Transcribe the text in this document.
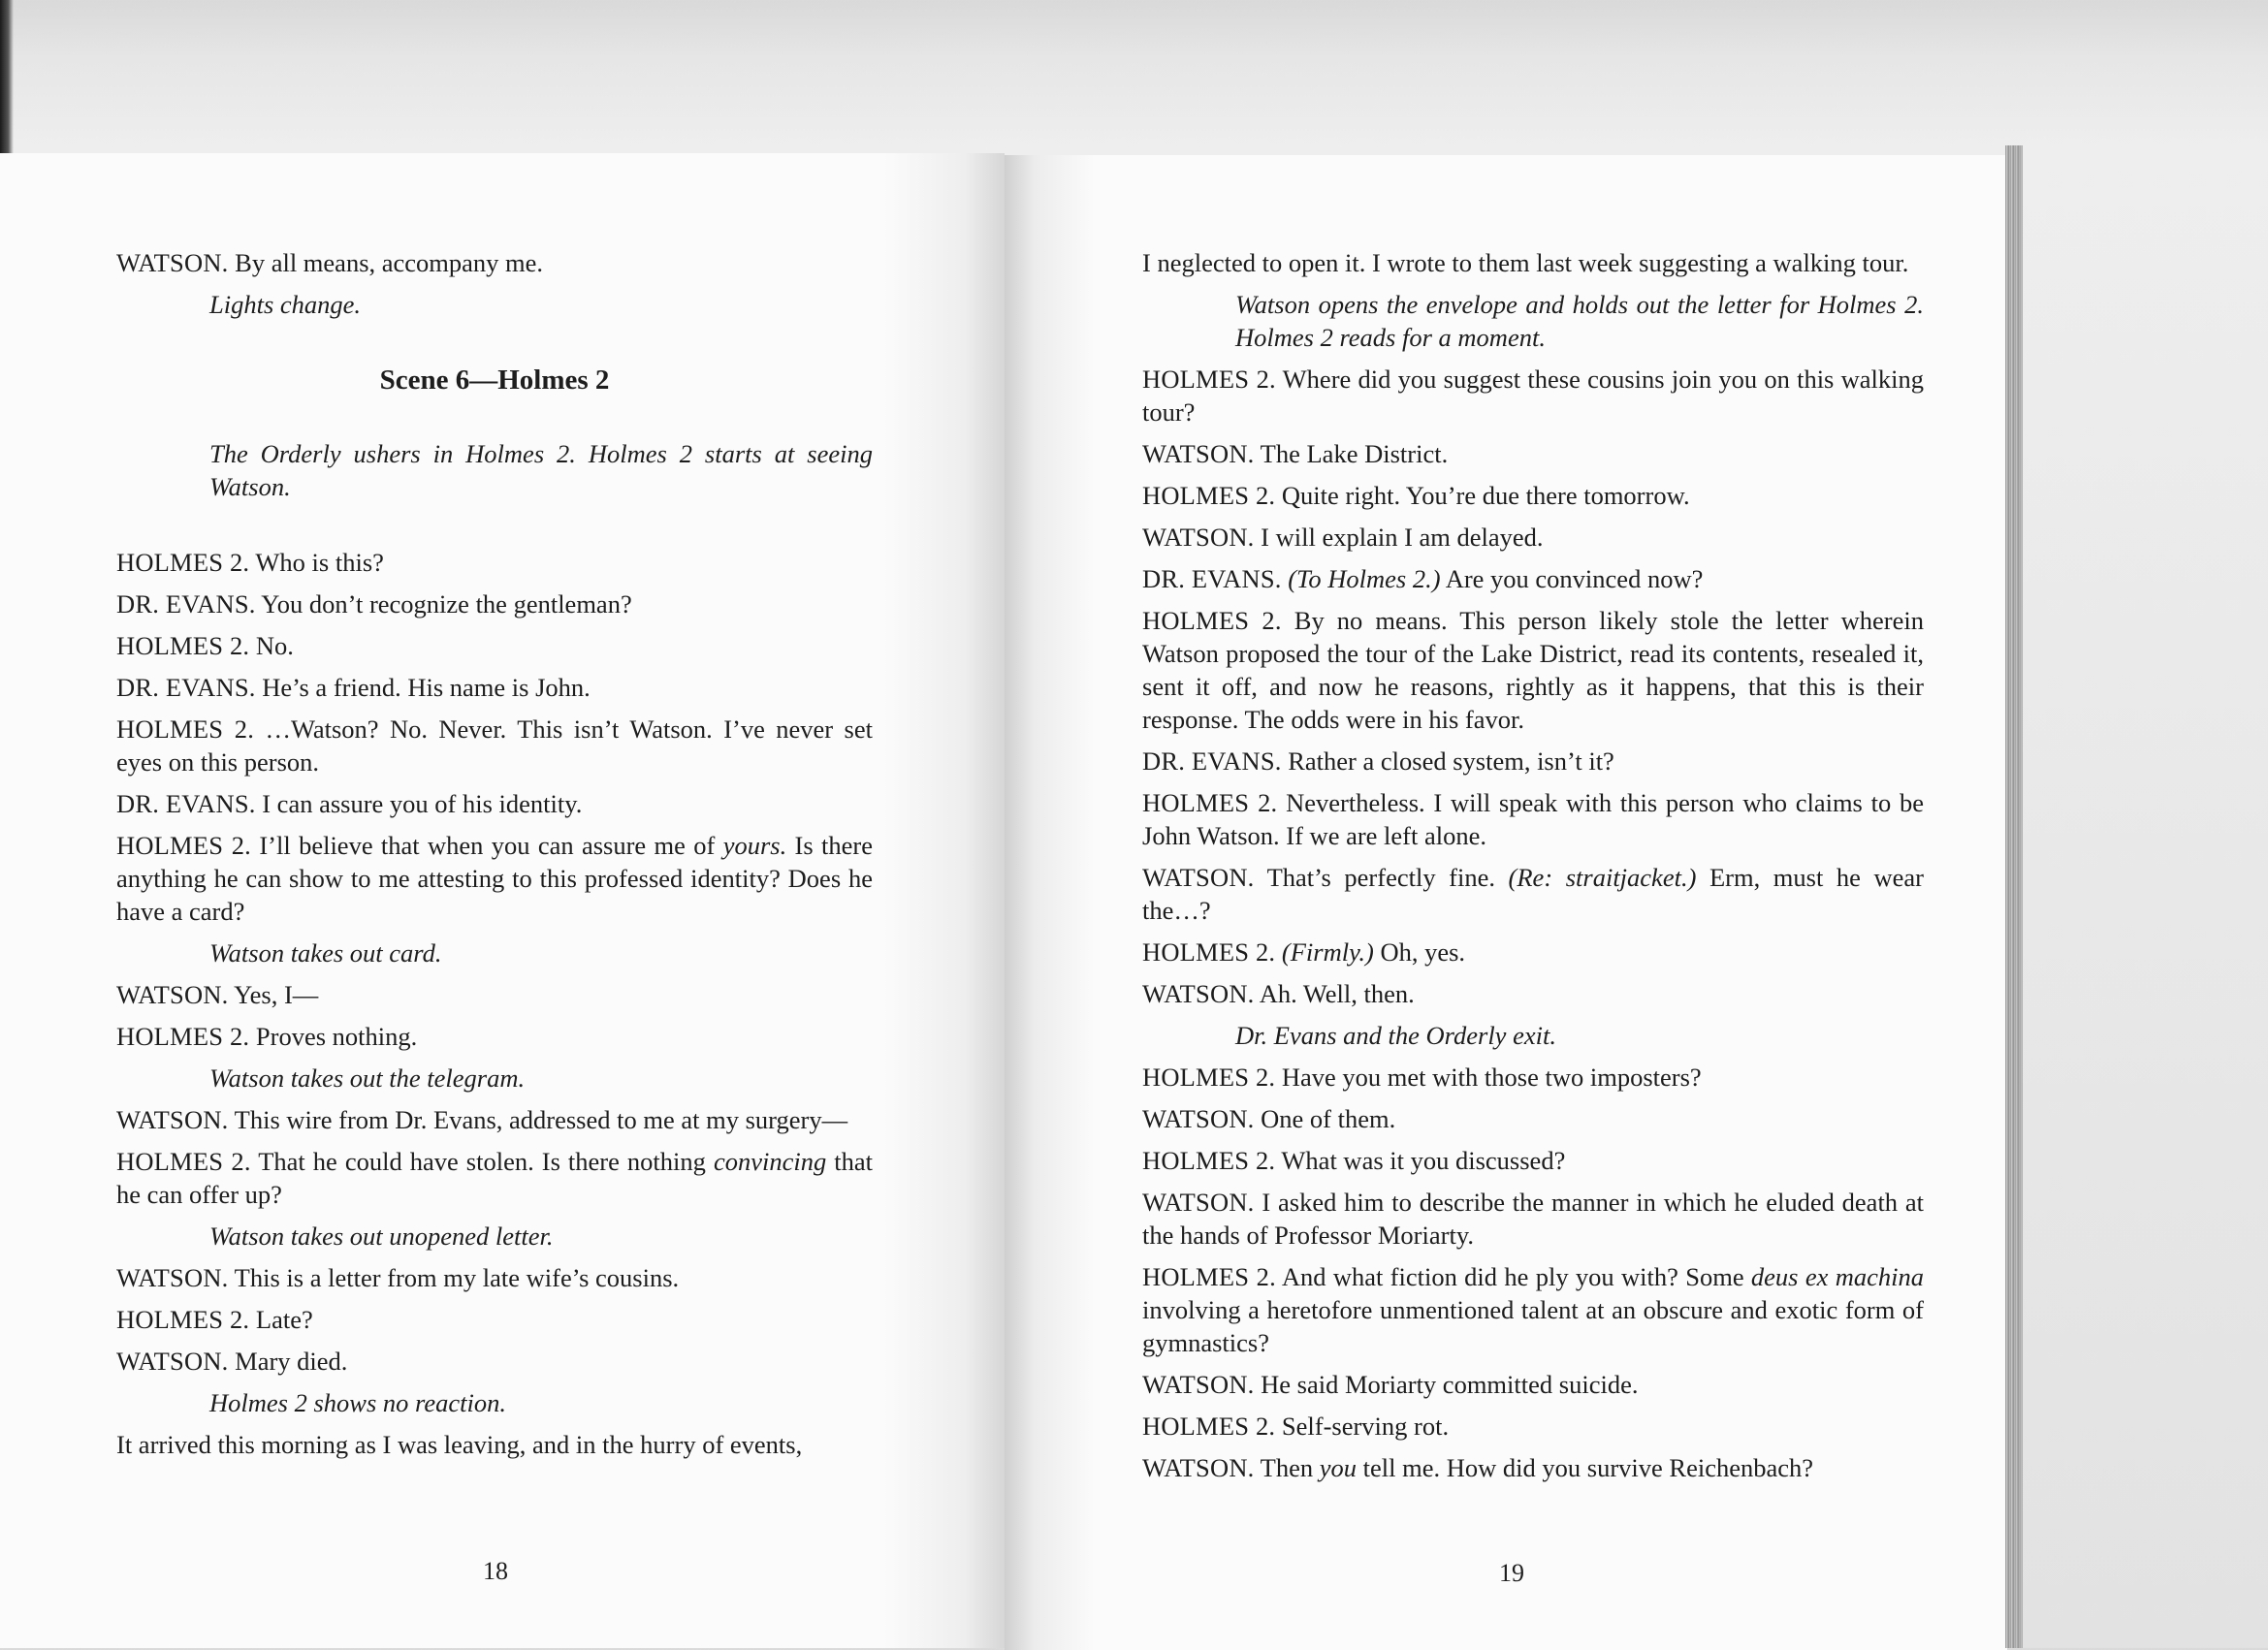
WATSON. By all means, accompany me.

Lights change.

Scene 6—Holmes 2

The Orderly ushers in Holmes 2. Holmes 2 starts at seeing Watson.

HOLMES 2. Who is this?

DR. EVANS. You don’t recognize the gentleman?

HOLMES 2. No.

DR. EVANS. He’s a friend. His name is John.

HOLMES 2. …Watson? No. Never. This isn’t Watson. I’ve never set eyes on this person.

DR. EVANS. I can assure you of his identity.

HOLMES 2. I’ll believe that when you can assure me of yours. Is there anything he can show to me attesting to this professed identity? Does he have a card?

Watson takes out card.

WATSON. Yes, I—

HOLMES 2. Proves nothing.

Watson takes out the telegram.

WATSON. This wire from Dr. Evans, addressed to me at my surgery—

HOLMES 2. That he could have stolen. Is there nothing convincing that he can offer up?

Watson takes out unopened letter.

WATSON. This is a letter from my late wife’s cousins.

HOLMES 2. Late?

WATSON. Mary died.

Holmes 2 shows no reaction.

It arrived this morning as I was leaving, and in the hurry of events,

18

I neglected to open it. I wrote to them last week suggesting a walking tour.

Watson opens the envelope and holds out the letter for Holmes 2. Holmes 2 reads for a moment.

HOLMES 2. Where did you suggest these cousins join you on this walking tour?

WATSON. The Lake District.

HOLMES 2. Quite right. You’re due there tomorrow.

WATSON. I will explain I am delayed.

DR. EVANS. (To Holmes 2.) Are you convinced now?

HOLMES 2. By no means. This person likely stole the letter wherein Watson proposed the tour of the Lake District, read its contents, resealed it, sent it off, and now he reasons, rightly as it happens, that this is their response. The odds were in his favor.

DR. EVANS. Rather a closed system, isn’t it?

HOLMES 2. Nevertheless. I will speak with this person who claims to be John Watson. If we are left alone.

WATSON. That’s perfectly fine. (Re: straitjacket.) Erm, must he wear the…?

HOLMES 2. (Firmly.) Oh, yes.

WATSON. Ah. Well, then.

Dr. Evans and the Orderly exit.

HOLMES 2. Have you met with those two imposters?

WATSON. One of them.

HOLMES 2. What was it you discussed?

WATSON. I asked him to describe the manner in which he eluded death at the hands of Professor Moriarty.

HOLMES 2. And what fiction did he ply you with? Some deus ex machina involving a heretofore unmentioned talent at an obscure and exotic form of gymnastics?

WATSON. He said Moriarty committed suicide.

HOLMES 2. Self-serving rot.

WATSON. Then you tell me. How did you survive Reichenbach?

19
